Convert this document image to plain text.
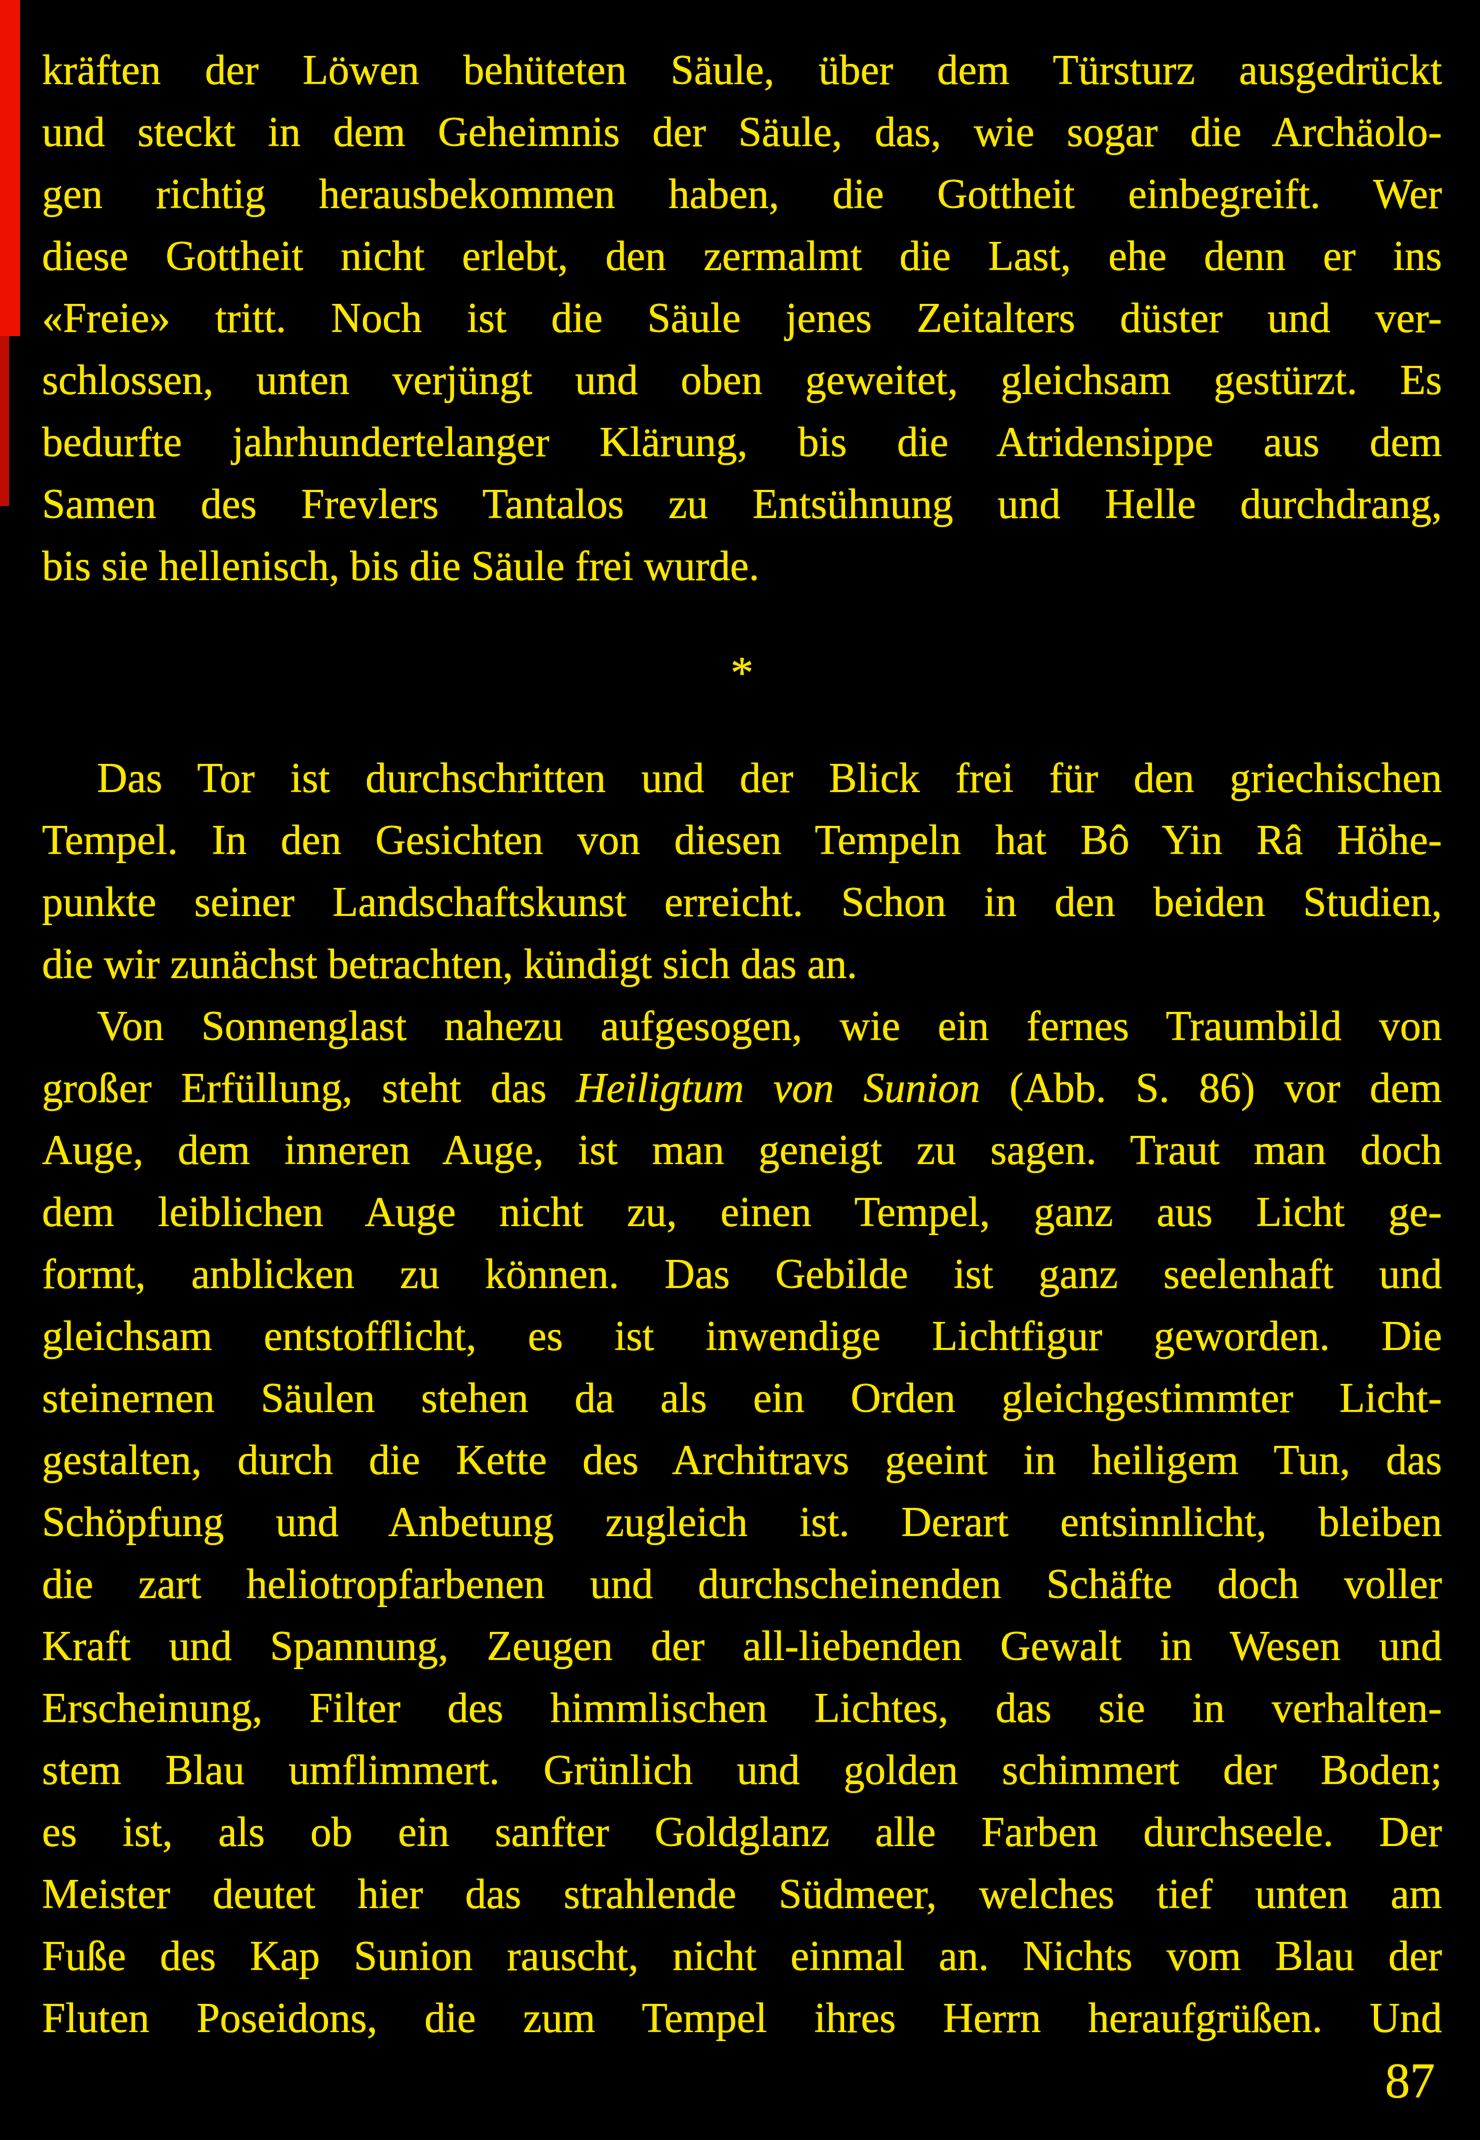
kräften der Löwen behüteten Säule, über dem Türsturz ausgedrückt
und steckt in dem Geheimnis der Säule, das, wie sogar die Archäolo-
gen richtig herausbekommen haben, die Gottheit einbegreift. Wer
diese Gottheit nicht erlebt, den zermalmt die Last, ehe denn er ins
«Freie» tritt. Noch ist die Säule jenes Zeitalters düster und ver-
schlossen, unten verjüngt und oben geweitet, gleichsam gestürzt. Es
bedurfte jahrhundertelanger Klärung, bis die Atridensippe aus dem
Samen des Frevlers Tantalos zu Entsühnung und Helle durchdrang,
bis sie hellenisch, bis die Säule frei wurde.
*
Das Tor ist durchschritten und der Blick frei für den griechischen
Tempel. In den Gesichten von diesen Tempeln hat Bô Yin Râ Höhe-
punkte seiner Landschaftskunst erreicht. Schon in den beiden Studien,
die wir zunächst betrachten, kündigt sich das an.
Von Sonnenglast nahezu aufgesogen, wie ein fernes Traumbild von
großer Erfüllung, steht das Heiligtum von Sunion (Abb. S. 86) vor dem
Auge, dem inneren Auge, ist man geneigt zu sagen. Traut man doch
dem leiblichen Auge nicht zu, einen Tempel, ganz aus Licht ge-
formt, anblicken zu können. Das Gebilde ist ganz seelenhaft und
gleichsam entstofflicht, es ist inwendige Lichtfigur geworden. Die
steinernen Säulen stehen da als ein Orden gleichgestimmter Licht-
gestalten, durch die Kette des Architravs geeint in heiligem Tun, das
Schöpfung und Anbetung zugleich ist. Derart entsinnlicht, bleiben
die zart heliotropfarbenen und durchscheinenden Schäfte doch voller
Kraft und Spannung, Zeugen der all-liebenden Gewalt in Wesen und
Erscheinung, Filter des himmlischen Lichtes, das sie in verhalten-
stem Blau umflimmert. Grünlich und golden schimmert der Boden;
es ist, als ob ein sanfter Goldglanz alle Farben durchseele. Der
Meister deutet hier das strahlende Südmeer, welches tief unten am
Fuße des Kap Sunion rauscht, nicht einmal an. Nichts vom Blau der
Fluten Poseidons, die zum Tempel ihres Herrn heraufgrüßen. Und
87
